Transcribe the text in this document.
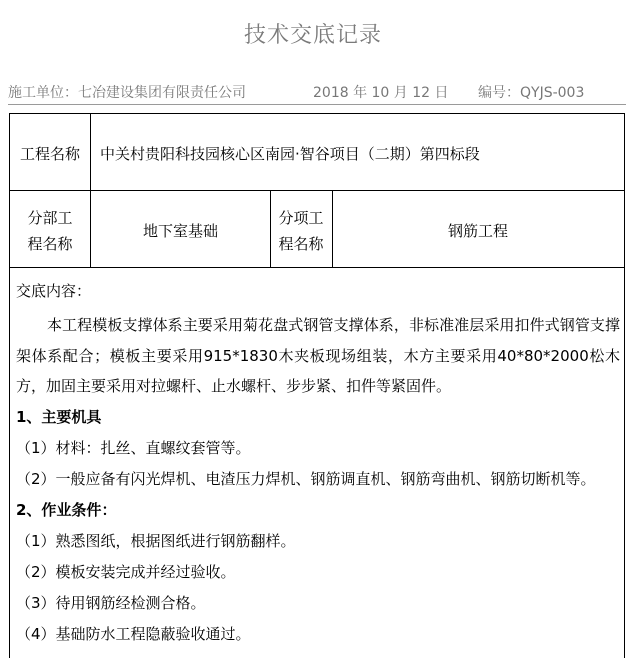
技术交底记录
施工单位：七冶建设集团有限责任公司	2018 年 10 月 12 日 编号：QYJS-003
工程名称	中关村贵阳科技园核心区南园·智谷项目（二期）第四标段
分部工
程名称
地下室基础
分项工
程名称
钢筋工程
交底内容：
本工程模板支撑体系主要采用菊花盘式钢管支撑体系，非标准准层采用扣件式钢管支撑架体系配合；模板主要采用915*1830木夹板现场组装，木方主要采用40*80*2000松木方，加固主要采用对拉螺杆、止水螺杆、步步紧、扣件等紧固件。
1、主要机具
（1）材料：扎丝、直螺纹套管等。
（2）一般应备有闪光焊机、电渣压力焊机、钢筋调直机、钢筋弯曲机、钢筋切断机等。
2、作业条件：
（1）熟悉图纸，根据图纸进行钢筋翻样。
（2）模板安装完成并经过验收。
（3）待用钢筋经检测合格。
（4）基础防水工程隐蔽验收通过。
